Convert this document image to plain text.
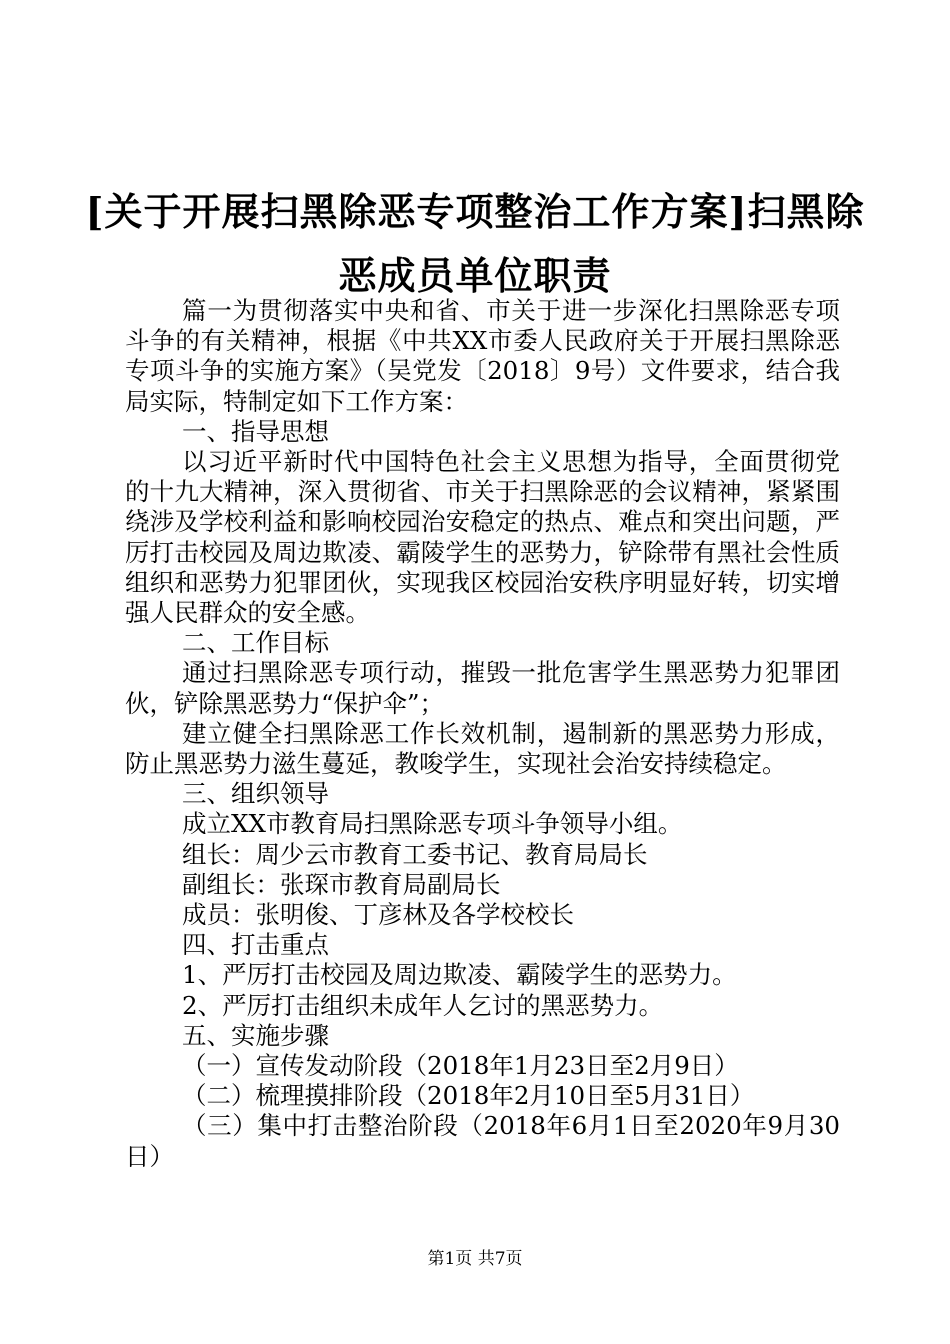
[关于开展扫黑除恶专项整治工作方案]扫黑除
恶成员单位职责

篇一为贯彻落实中央和省、市关于进一步深化扫黑除恶专项斗争的有关精神，根据《中共XX市委人民政府关于开展扫黑除恶专项斗争的实施方案》（吴党发〔2018〕9号）文件要求，结合我局实际，特制定如下工作方案：

一、指导思想

以习近平新时代中国特色社会主义思想为指导，全面贯彻党的十九大精神，深入贯彻省、市关于扫黑除恶的会议精神，紧紧围绕涉及学校利益和影响校园治安稳定的热点、难点和突出问题，严厉打击校园及周边欺凌、霸陵学生的恶势力，铲除带有黑社会性质组织和恶势力犯罪团伙，实现我区校园治安秩序明显好转，切实增强人民群众的安全感。

二、工作目标

通过扫黑除恶专项行动，摧毁一批危害学生黑恶势力犯罪团伙，铲除黑恶势力“保护伞”；

建立健全扫黑除恶工作长效机制，遏制新的黑恶势力形成，防止黑恶势力滋生蔓延，教唆学生，实现社会治安持续稳定。

三、组织领导

成立XX市教育局扫黑除恶专项斗争领导小组。

组长：周少云市教育工委书记、教育局局长

副组长：张琛市教育局副局长

成员：张明俊、丁彦林及各学校校长

四、打击重点

1、严厉打击校园及周边欺凌、霸陵学生的恶势力。

2、严厉打击组织未成年人乞讨的黑恶势力。

五、实施步骤

（一）宣传发动阶段（2018年1月23日至2月9日）

（二）梳理摸排阶段（2018年2月10日至5月31日）

（三）集中打击整治阶段（2018年6月1日至2020年9月30日）

第1页 共7页
